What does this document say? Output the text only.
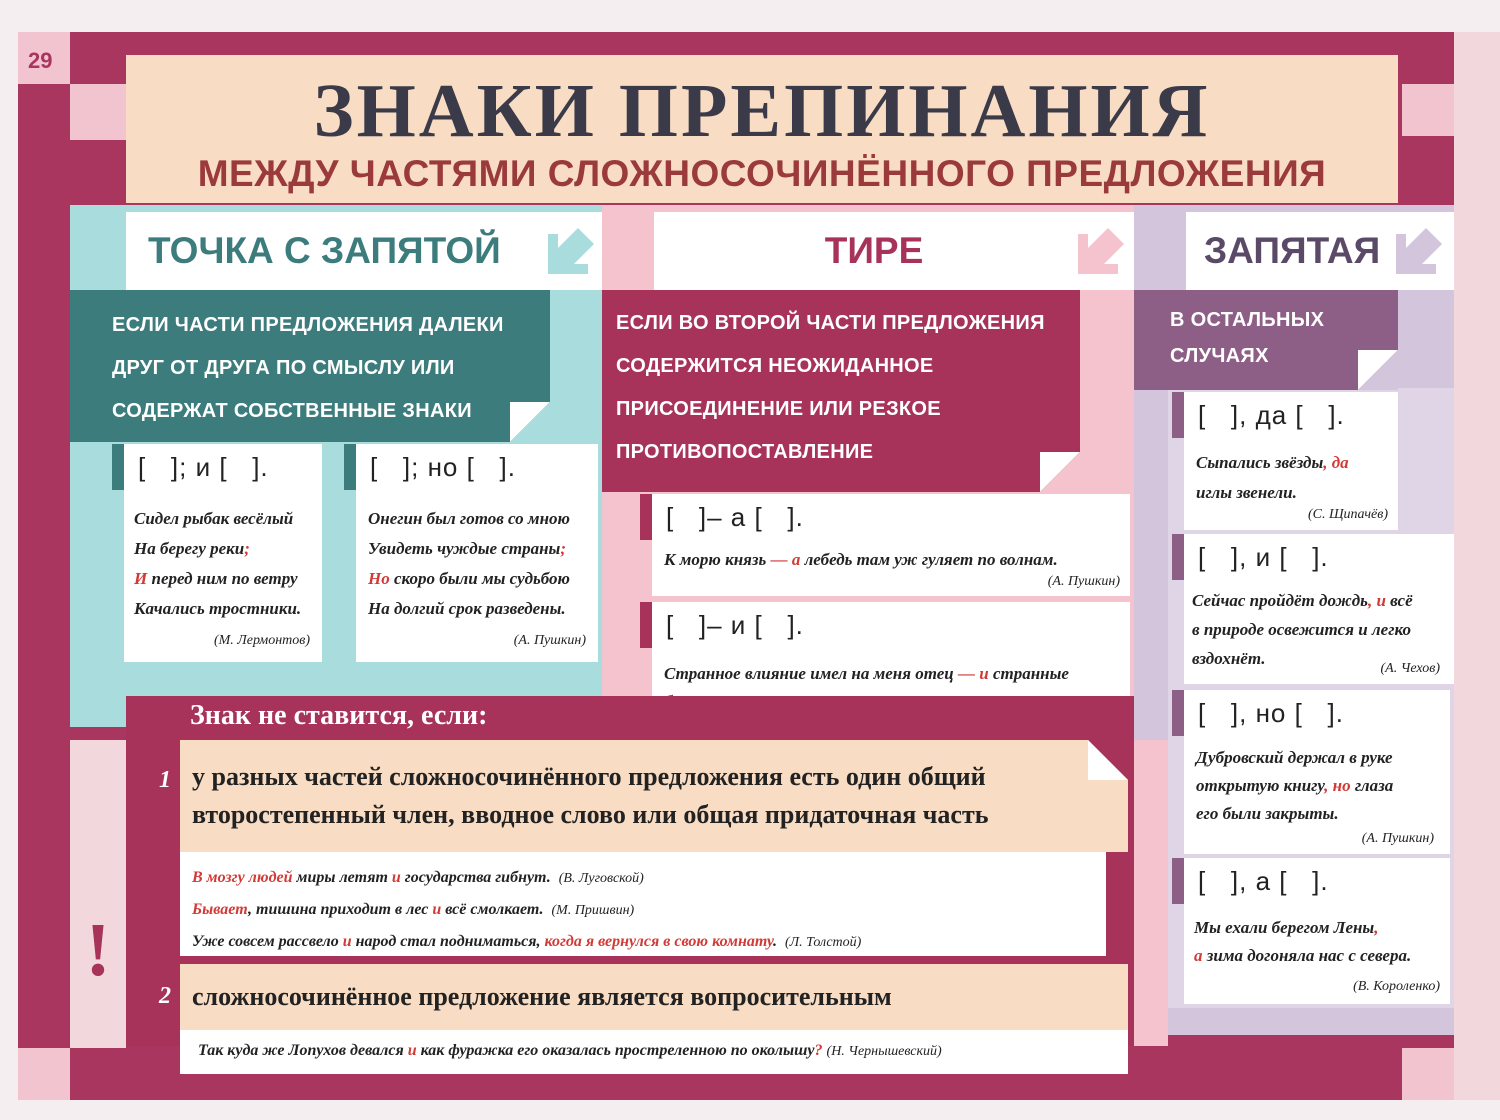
29
ЗНАКИ ПРЕПИНАНИЯ
МЕЖДУ ЧАСТЯМИ СЛОЖНОСОЧИНЁННОГО ПРЕДЛОЖЕНИЯ
ТОЧКА С ЗАПЯТОЙ	ТИРЕ	ЗАПЯТАЯ
ЕСЛИ ЧАСТИ ПРЕДЛОЖЕНИЯ ДАЛЕКИ
ДРУГ ОТ ДРУГА ПО СМЫСЛУ ИЛИ
СОДЕРЖАТ СОБСТВЕННЫЕ ЗНАКИ
ЕСЛИ ВО ВТОРОЙ ЧАСТИ ПРЕДЛОЖЕНИЯ
СОДЕРЖИТСЯ НЕОЖИДАННОЕ
ПРИСОЕДИНЕНИЕ ИЛИ РЕЗКОЕ
ПРОТИВОПОСТАВЛЕНИЕ
В ОСТАЛЬНЫХ
СЛУЧАЯХ
[   ]; и [   ].
Сидел рыбак весёлый
На берегу реки;
И перед ним по ветру
Качались тростники.
(М. Лермонтов)
[   ]; но [   ].
Онегин был готов со мною
Увидеть чуждые страны;
Но скоро были мы судьбою
На долгий срок разведены.
(А. Пушкин)
[   ]– а [   ].
К морю князь — а лебедь там уж гуляет по волнам.
(А. Пушкин)
[   ]– и [   ].
Странное влияние имел на меня отец — и странные
[   ], да [   ].
Сыпались звёзды, да
иглы звенели.
(С. Щипачёв)
[   ], и [   ].
Сейчас пройдёт дождь, и всё
в природе освежится и легко
вздохнёт.
(А. Чехов)
[   ], но [   ].
Дубровский держал в руке
открытую книгу, но глаза
его были закрыты.
(А. Пушкин)
[   ], а [   ].
Мы ехали берегом Лены,
а зима догоняла нас с севера.
(В. Короленко)
Знак не ставится, если:
!
1 у разных частей сложносочинённого предложения есть один общий
второстепенный член, вводное слово или общая придаточная часть
В мозгу людей миры летят и государства гибнут. (В. Луговской)
Бывает, тишина приходит в лес и всё смолкает. (М. Пришвин)
Уже совсем рассвело и народ стал подниматься, когда я вернулся в свою комнату. (Л. Толстой)
2 сложносочинённое предложение является вопросительным
Так куда же Лопухов девался и как фуражка его оказалась простреленною по околышу? (Н. Чернышевский)
